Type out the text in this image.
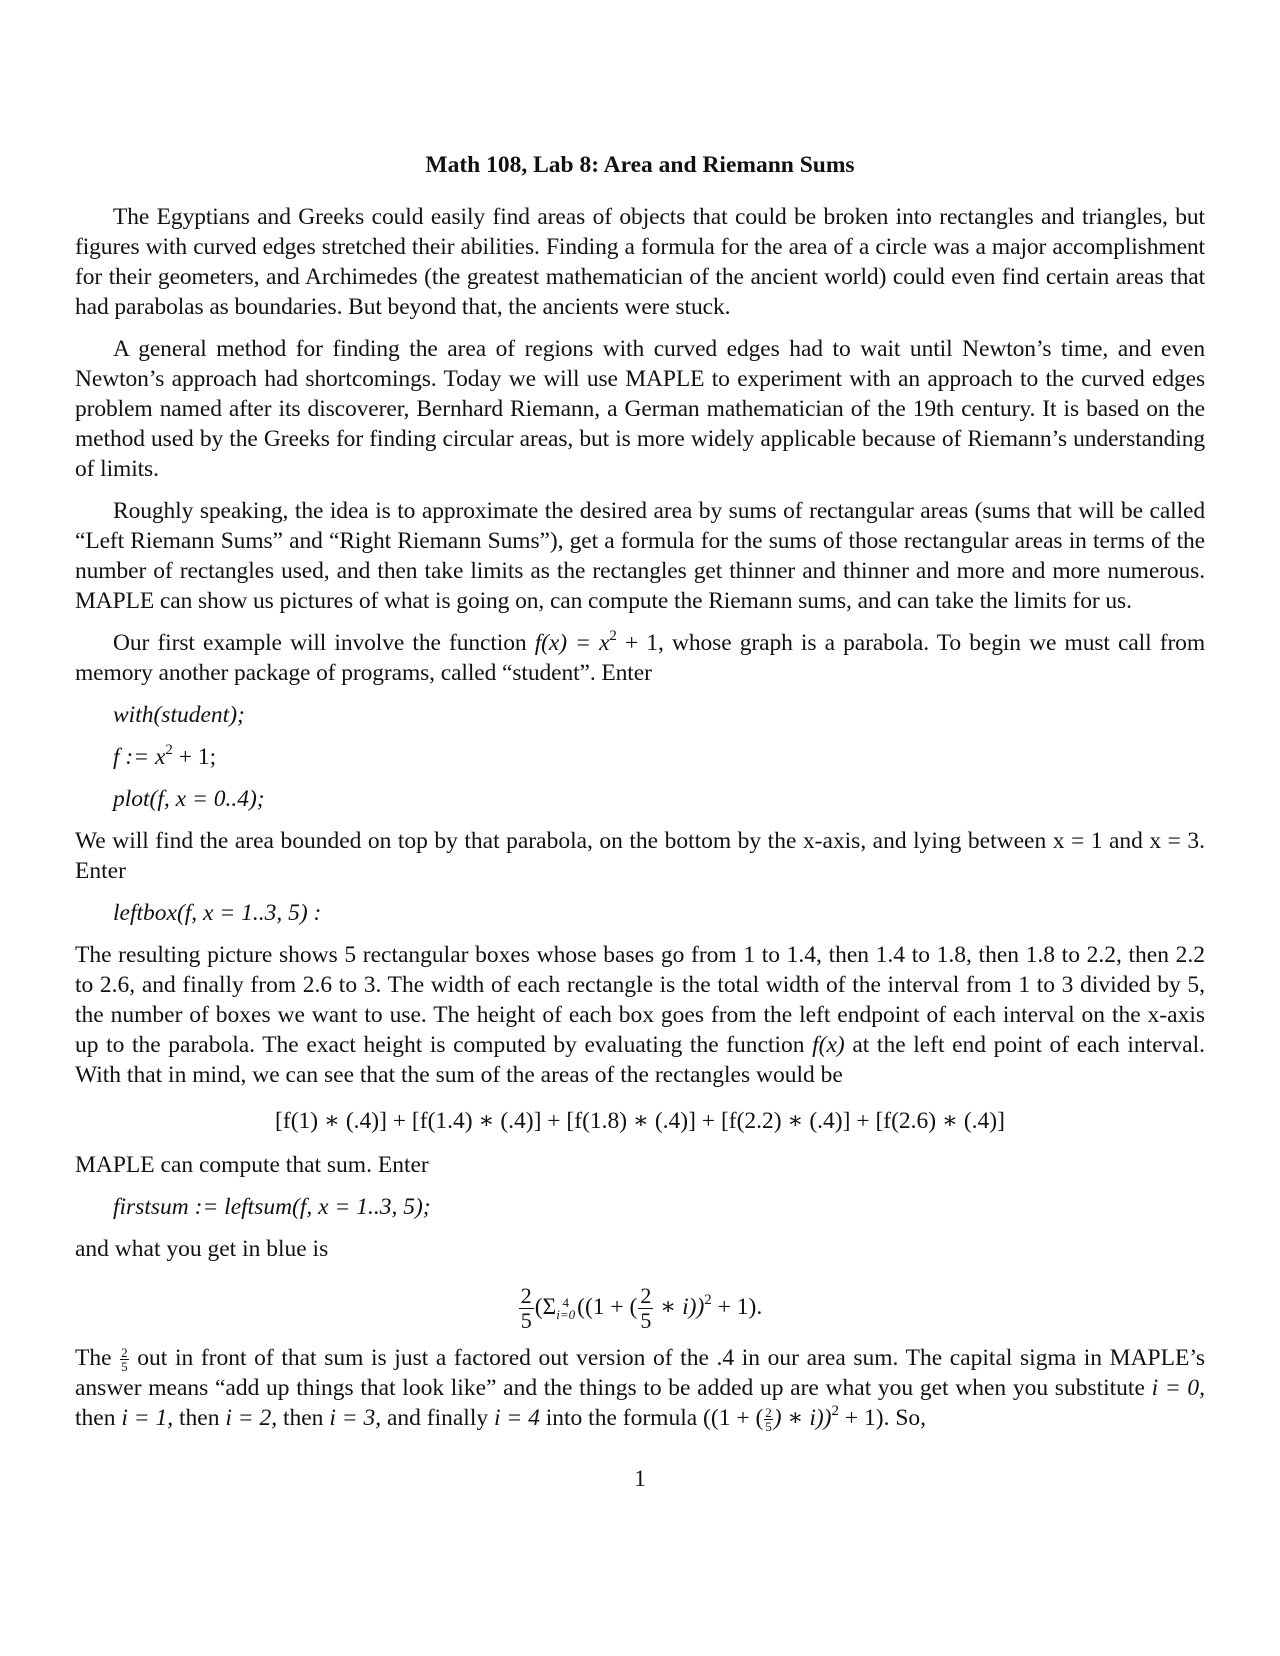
Math 108, Lab 8: Area and Riemann Sums

The Egyptians and Greeks could easily find areas of objects that could be broken into rectangles and triangles, but figures with curved edges stretched their abilities. Finding a formula for the area of a circle was a major accomplishment for their geometers, and Archimedes (the greatest mathematician of the ancient world) could even find certain areas that had parabolas as boundaries. But beyond that, the ancients were stuck.

A general method for finding the area of regions with curved edges had to wait until Newton’s time, and even Newton’s approach had shortcomings. Today we will use MAPLE to experiment with an approach to the curved edges problem named after its discoverer, Bernhard Riemann, a German mathematician of the 19th century. It is based on the method used by the Greeks for finding circular areas, but is more widely applicable because of Riemann’s understanding of limits.

Roughly speaking, the idea is to approximate the desired area by sums of rectangular areas (sums that will be called “Left Riemann Sums” and “Right Riemann Sums”), get a formula for the sums of those rectangular areas in terms of the number of rectangles used, and then take limits as the rectangles get thinner and thinner and more and more numerous. MAPLE can show us pictures of what is going on, can compute the Riemann sums, and can take the limits for us.

Our first example will involve the function $f(x) = x^2 + 1$, whose graph is a parabola. To begin we must call from memory another package of programs, called “student”. Enter

with(student);
f := $x^2 + 1$;
plot(f, x = 0..4);

We will find the area bounded on top by that parabola, on the bottom by the x-axis, and lying between x = 1 and x = 3. Enter

leftbox(f, x = 1..3, 5) :

The resulting picture shows 5 rectangular boxes whose bases go from 1 to 1.4, then 1.4 to 1.8, then 1.8 to 2.2, then 2.2 to 2.6, and finally from 2.6 to 3. The width of each rectangle is the total width of the interval from 1 to 3 divided by 5, the number of boxes we want to use. The height of each box goes from the left endpoint of each interval on the x-axis up to the parabola. The exact height is computed by evaluating the function f(x) at the left end point of each interval. With that in mind, we can see that the sum of the areas of the rectangles would be

[f(1) ∗ (.4)] + [f(1.4) ∗ (.4)] + [f(1.8) ∗ (.4)] + [f(2.2) ∗ (.4)] + [f(2.6) ∗ (.4)]

MAPLE can compute that sum. Enter

firstsum := leftsum(f, x = 1..3, 5);

and what you get in blue is

$\frac{2}{5} (\Sigma$ 4
i=0 ((1 + ( $\frac{2}{5}$ ∗ i))$^2$ + 1).

The $\frac{2}{5}$ out in front of that sum is just a factored out version of the .4 in our area sum. The capital sigma in MAPLE’s answer means “add up things that look like” and the things to be added up are what you get when you substitute i = 0, then i = 1, then i = 2, then i = 3, and finally i = 4 into the formula ((1 + ( $\frac{2}{5}$ ) ∗ i))$^2$ + 1). So,

1
